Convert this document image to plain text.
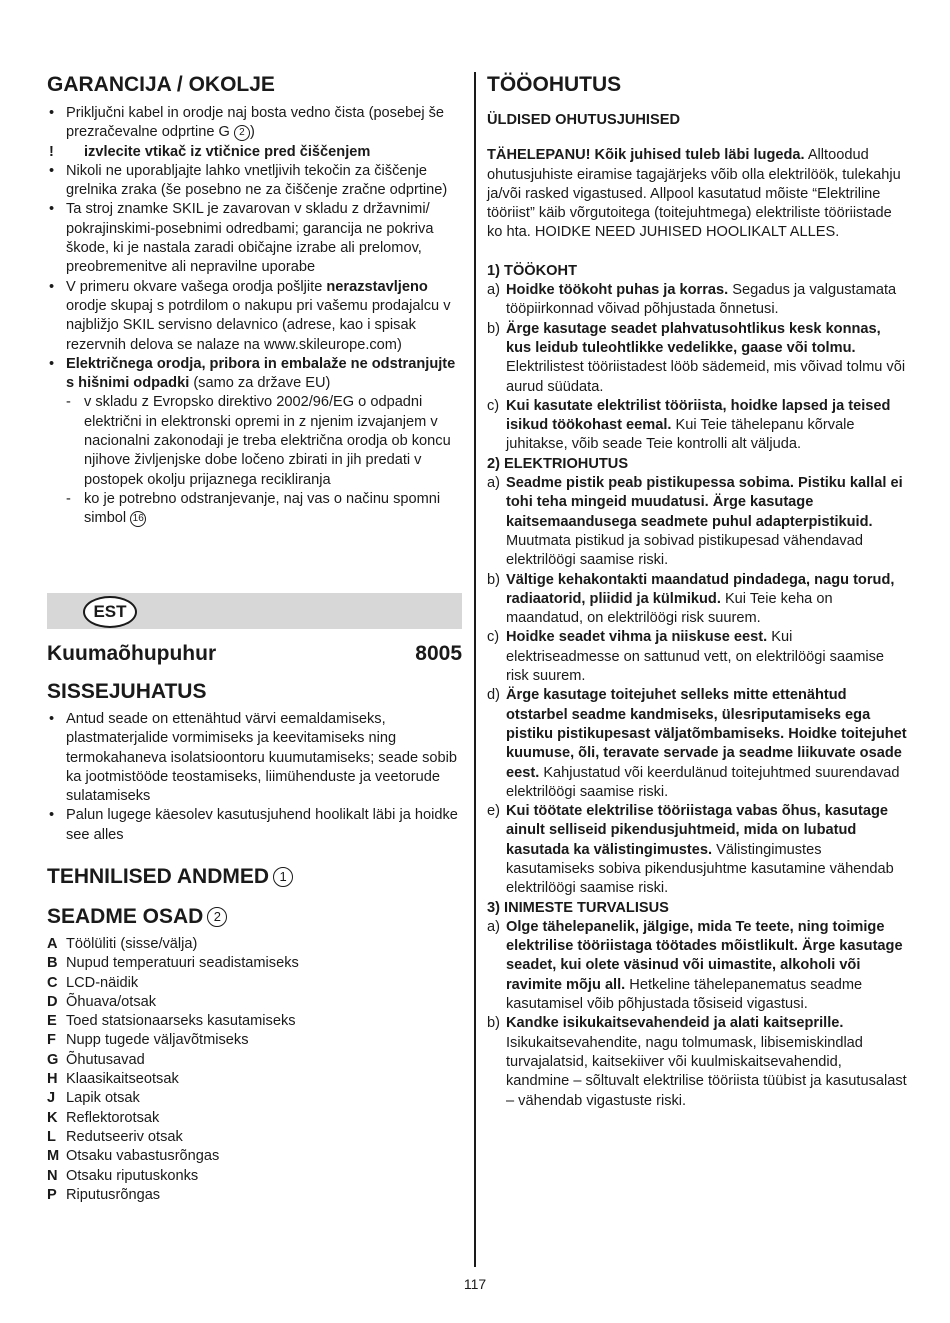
GARANCIJA / OKOLJE
• Priključni kabel in orodje naj bosta vedno čista (posebej še prezračevalne odprtine G 2 )
! izvlecite vtikač iz vtičnice pred čiščenjem
• Nikoli ne uporabljajte lahko vnetljivih tekočin za čiščenje grelnika zraka (še posebno ne za čiščenje zračne odprtine)
• Ta stroj znamke SKIL je zavarovan v skladu z državnimi/ pokrajinskimi-posebnimi odredbami; garancija ne pokriva škode, ki je nastala zaradi običajne izrabe ali prelomov, preobremenitve ali nepravilne uporabe
• V primeru okvare vašega orodja pošljite nerazstavljeno orodje skupaj s potrdilom o nakupu pri vašemu prodajalcu v najbližjo SKIL servisno delavnico (adrese, kao i spisak rezervnih delova se nalaze na www.skileurope.com)
• Električnega orodja, pribora in embalaže ne odstranjujte s hišnimi odpadki (samo za države EU)
- v skladu z Evropsko direktivo 2002/96/EG o odpadni električni in elektronski opremi in z njenim izvajanjem v nacionalni zakonodaji je treba električna orodja ob koncu njihove življenjske dobe ločeno zbirati in jih predati v postopek okolju prijaznega recikliranja
- ko je potrebno odstranjevanje, naj vas o načinu spomni simbol 16
EST
Kuumaõhupuhur	8005
SISSEJUHATUS
• Antud seade on ettenähtud värvi eemaldamiseks, plastmaterjalide vormimiseks ja keevitamiseks ning termokahaneva isolatsioontoru kuumutamiseks; seade sobib ka jootmistööde teostamiseks, liimühenduste ja veetorude sulatamiseks
• Palun lugege käesolev kasutusjuhend hoolikalt läbi ja hoidke see alles
TEHNILISED ANDMED 1
SEADME OSAD 2
A Töölüliti (sisse/välja)
B Nupud temperatuuri seadistamiseks
C LCD-näidik
D Õhuava/otsak
E Toed statsionaarseks kasutamiseks
F Nupp tugede väljavõtmiseks
G Õhutusavad
H Klaasikaitseotsak
J Lapik otsak
K Reflektorotsak
L Redutseeriv otsak
M Otsaku vabastusrõngas
N Otsaku riputuskonks
P Riputusrõngas
TÖÖOHUTUS
ÜLDISED OHUTUSJUHISED
TÄHELEPANU! Kõik juhised tuleb läbi lugeda. Alltoodud ohutusjuhiste eiramise tagajärjeks võib olla elektrilöök, tulekahju ja/või rasked vigastused. Allpool kasutatud mõiste “Elektriline tööriist” käib võrgutoitega (toitejuhtmega) elektriliste tööriistade ko hta. HOIDKE NEED JUHISED HOOLIKALT ALLES.
1) TÖÖKOHT
a) Hoidke töökoht puhas ja korras. Segadus ja valgustamata tööpiirkonnad võivad põhjustada õnnetusi.
b) Ärge kasutage seadet plahvatusohtlikus kesk konnas, kus leidub tuleohtlikke vedelikke, gaase või tolmu. Elektrilistest tööriistadest lööb sädemeid, mis võivad tolmu või aurud süüdata.
c) Kui kasutate elektrilist tööriista, hoidke lapsed ja teised isikud töökohast eemal. Kui Teie tähelepanu kõrvale juhitakse, võib seade Teie kontrolli alt väljuda.
2) ELEKTRIOHUTUS
a) Seadme pistik peab pistikupessa sobima. Pistiku kallal ei tohi teha mingeid muudatusi. Ärge kasutage kaitsemaandusega seadmete puhul adapterpistikuid. Muutmata pistikud ja sobivad pistikupesad vähendavad elektrilöögi saamise riski.
b) Vältige kehakontakti maandatud pindadega, nagu torud, radiaatorid, pliidid ja külmikud. Kui Teie keha on maandatud, on elektrilöögi risk suurem.
c) Hoidke seadet vihma ja niiskuse eest. Kui elektriseadmesse on sattunud vett, on elektrilöögi saamise risk suurem.
d) Ärge kasutage toitejuhet selleks mitte ettenähtud otstarbel seadme kandmiseks, ülesriputamiseks ega pistiku pistikupesast väljatõmbamiseks. Hoidke toitejuhet kuumuse, õli, teravate servade ja seadme liikuvate osade eest. Kahjustatud või keerdulänud toitejuhtmed suurendavad elektrilöögi saamise riski.
e) Kui töötate elektrilise tööriistaga vabas õhus, kasutage ainult selliseid pikendusjuhtmeid, mida on lubatud kasutada ka välistingimustes. Välistingimustes kasutamiseks sobiva pikendusjuhtme kasutamine vähendab elektrilöögi saamise riski.
3) INIMESTE TURVALISUS
a) Olge tähelepanelik, jälgige, mida Te teete, ning toimige elektrilise tööriistaga töötades mõistlikult. Ärge kasutage seadet, kui olete väsinud või uimastite, alkoholi või ravimite mõju all. Hetkeline tähelepanematus seadme kasutamisel võib põhjustada tõsiseid vigastusi.
b) Kandke isikukaitsevahendeid ja alati kaitseprille. Isikukaitsevahendite, nagu tolmumask, libisemiskindlad turvajalatsid, kaitsekiiver või kuulmiskaitsevahendid, kandmine – sõltuvalt elektrilise tööriista tüübist ja kasutusalast – vähendab vigastuste riski.
117
